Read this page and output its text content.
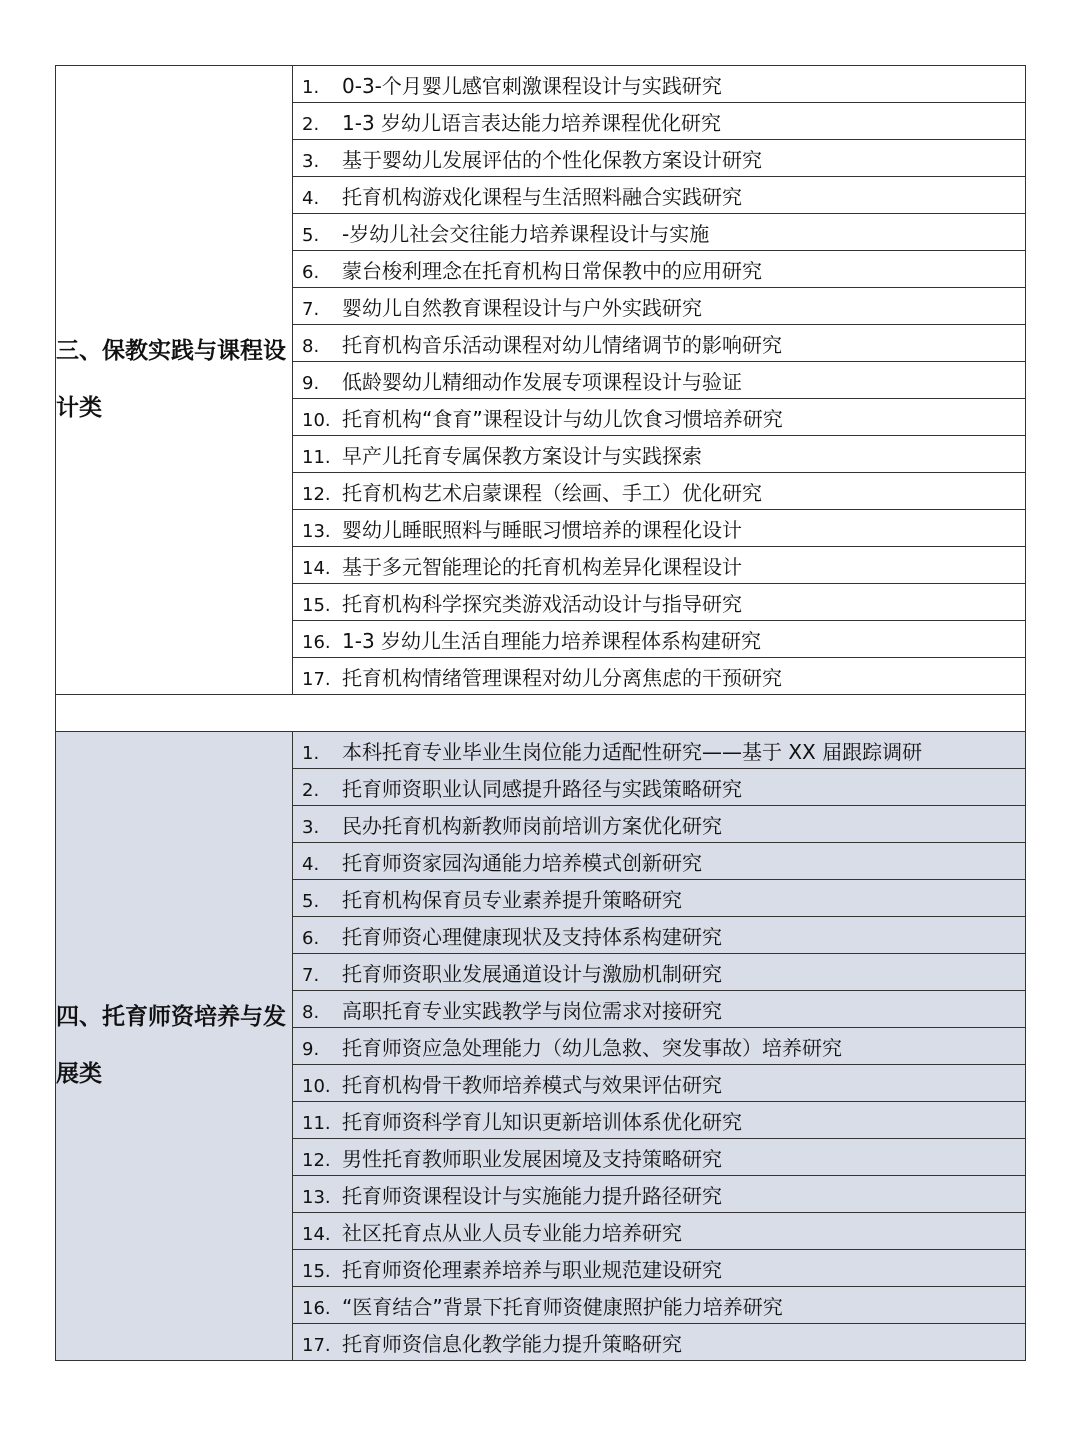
三、保教实践与课程设计类	1. 0-3-个月婴儿感官刺激课程设计与实践研究
	2. 1-3 岁幼儿语言表达能力培养课程优化研究
	3. 基于婴幼儿发展评估的个性化保教方案设计研究
	4. 托育机构游戏化课程与生活照料融合实践研究
	5. -岁幼儿社会交往能力培养课程设计与实施
	6. 蒙台梭利理念在托育机构日常保教中的应用研究
	7. 婴幼儿自然教育课程设计与户外实践研究
	8. 托育机构音乐活动课程对幼儿情绪调节的影响研究
	9. 低龄婴幼儿精细动作发展专项课程设计与验证
	10. 托育机构“食育”课程设计与幼儿饮食习惯培养研究
	11. 早产儿托育专属保教方案设计与实践探索
	12. 托育机构艺术启蒙课程（绘画、手工）优化研究
	13. 婴幼儿睡眠照料与睡眠习惯培养的课程化设计
	14. 基于多元智能理论的托育机构差异化课程设计
	15. 托育机构科学探究类游戏活动设计与指导研究
	16. 1-3 岁幼儿生活自理能力培养课程体系构建研究
	17. 托育机构情绪管理课程对幼儿分离焦虑的干预研究

四、托育师资培养与发展类	1. 本科托育专业毕业生岗位能力适配性研究——基于 XX 届跟踪调研
	2. 托育师资职业认同感提升路径与实践策略研究
	3. 民办托育机构新教师岗前培训方案优化研究
	4. 托育师资家园沟通能力培养模式创新研究
	5. 托育机构保育员专业素养提升策略研究
	6. 托育师资心理健康现状及支持体系构建研究
	7. 托育师资职业发展通道设计与激励机制研究
	8. 高职托育专业实践教学与岗位需求对接研究
	9. 托育师资应急处理能力（幼儿急救、突发事故）培养研究
	10. 托育机构骨干教师培养模式与效果评估研究
	11. 托育师资科学育儿知识更新培训体系优化研究
	12. 男性托育教师职业发展困境及支持策略研究
	13. 托育师资课程设计与实施能力提升路径研究
	14. 社区托育点从业人员专业能力培养研究
	15. 托育师资伦理素养培养与职业规范建设研究
	16. “医育结合”背景下托育师资健康照护能力培养研究
	17. 托育师资信息化教学能力提升策略研究
